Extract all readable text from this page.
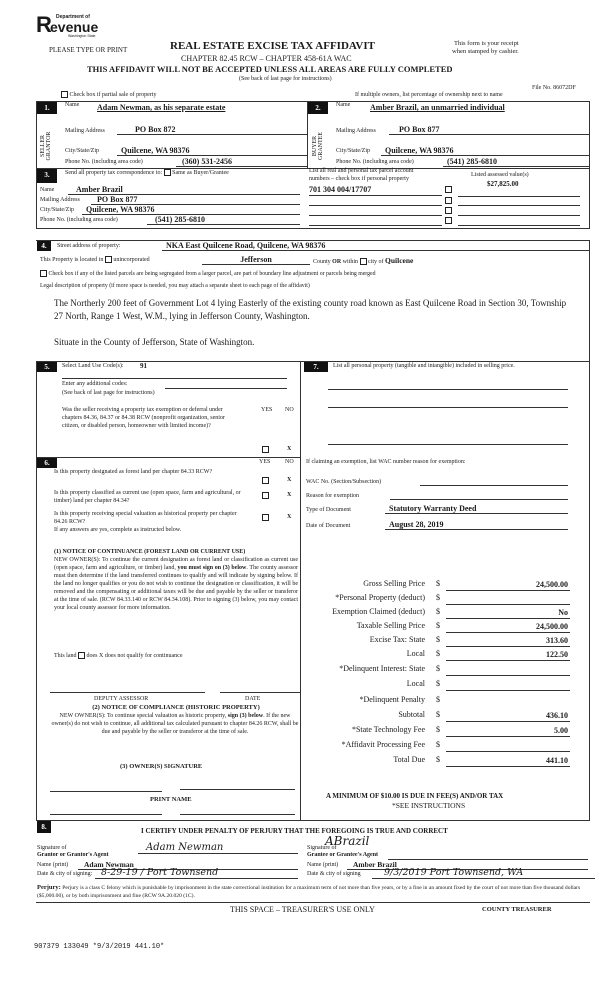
R Department of
evenue
Washington State
PLEASE TYPE OR PRINT	REAL ESTATE EXCISE TAX AFFIDAVIT
CHAPTER 82.45 RCW – CHAPTER 458-61A WAC
This form is your receipt
when stamped by cashier.
THIS AFFIDAVIT WILL NOT BE ACCEPTED UNLESS ALL AREAS ARE FULLY COMPLETED
(See back of last page for instructions)
File No. 86072DF
Check box if partial sale of property	If multiple owners, list percentage of ownership next to name
1.
SELLER GRANTOR
Name Adam Newman, as his separate estate
Mailing Address	PO Box 872
City/State/Zip	Quilcene, WA 98376
Phone No. (including area code)	(360) 531-2456
2.
BUYER GRANTEE
Name Amber Brazil, an unmarried individual
Mailing Address	PO Box 877
City/State/Zip	Quilcene, WA 98376
Phone No. (including area code)	(541) 285-6810
3.	Send all property tax correspondence to: Same as Buyer/Grantee	List all real and personal tax parcel account
numbers – check box if personal property
Listed assessed value(s)
Name	Amber Brazil
Mailing Address	PO Box 877
City/State/Zip	Quilcene, WA 98376
Phone No. (including area code)	(541) 285-6810
701 304 004/17707
$27,825.00
4.	Street address of property:	NKA East Quilcene Road, Quilcene, WA 98376
This Property is located in unincorporated	Jefferson	County OR within city of Quilcene
Check box if any of the listed parcels are being segregated from a larger parcel, are part of boundary line adjustment or parcels being merged
Legal description of property (if more space is needed, you may attach a separate sheet to each page of the affidavit)
The Northerly 200 feet of Government Lot 4 lying Easterly of the existing county road known as East Quilcene Road in Section 30, Township 27 North, Range 1 West, W.M., lying in Jefferson County, Washington.
Situate in the County of Jefferson, State of Washington.
5.	Select Land Use Code(s): 91
Enter any additional codes:
(See back of last page for instructions)
Was the seller receiving a property tax exemption or deferral under chapters 84.36, 84.37 or 84.38 RCW (nonprofit organization, senior citizen, or disabled person, homeowner with limited income)?
YES NO
X
6.	YES NO
Is this property designated as forest land per chapter 84.33 RCW?
X
Is this property classified as current use (open space, farm and agricultural, or timber) land per chapter 84.34?
X
Is this property receiving special valuation as historical property per chapter 84.26 RCW?
X
If any answers are yes, complete as instructed below.
(1) NOTICE OF CONTINUANCE (FOREST LAND OR CURRENT USE)
NEW OWNER(S): To continue the current designation as forest land or classification as current use (open space, farm and agriculture, or timber) land, you must sign on (3) below. The county assessor must then determine if the land transferred continues to qualify and will indicate by signing below. If the land no longer qualifies or you do not wish to continue the designation or classification, it will be removed and the compensating or additional taxes will be due and payable by the seller or transferor at the time of sale. (RCW 84.33.140 or RCW 84.34.108). Prior to signing (3) below, you may contact your local county assessor for more information.
This land does X does not qualify for continuance
DEPUTY ASSESSOR	DATE
(2) NOTICE OF COMPLIANCE (HISTORIC PROPERTY)
NEW OWNER(S): To continue special valuation as historic property, sign (3) below. If the new owner(s) do not wish to continue, all additional tax calculated pursuant to chapter 84.26 RCW, shall be due and payable by the seller or transferor at the time of sale.
(3) OWNER(S) SIGNATURE
PRINT NAME
7.	List all personal property (tangible and intangible) included in selling price.
If claiming an exemption, list WAC number reason for exemption:
WAC No. (Section/Subsection)
Reason for exemption
Type of Document	Statutory Warranty Deed
Date of Document	August 28, 2019
Gross Selling Price $	24,500.00
*Personal Property (deduct) $
Exemption Claimed (deduct) $	No
Taxable Selling Price $	24,500.00
Excise Tax: State $	313.60
Local $	122.50
*Delinquent Interest: State $
Local $
*Delinquent Penalty $
Subtotal $	436.10
*State Technology Fee $	5.00
*Affidavit Processing Fee $
Total Due $	441.10
A MINIMUM OF $10.00 IS DUE IN FEE(S) AND/OR TAX
*SEE INSTRUCTIONS
8.	I CERTIFY UNDER PENALTY OF PERJURY THAT THE FOREGOING IS TRUE AND CORRECT
Signature of
Grantor or Grantor's Agent
Adam Newman
Name (print)	Adam Newman
Date & city of signing: 8-29-19 / Port Townsend
Signature of
Grantee or Grantee's Agent
ABrazil
Name (print)	Amber Brazil
Date & city of signing	9/3/2019 Port Townsend, WA
Perjury: Perjury is a class C felony which is punishable by imprisonment in the state correctional institution for a maximum term of not more than five years, or by a fine in an amount fixed by the court of not more than five thousand dollars ($5,000.00), or by both imprisonment and fine (RCW 9A.20.020 (1C).
THIS SPACE – TREASURER'S USE ONLY	COUNTY TREASURER
907379 133049 *9/3/2019 441.10*
